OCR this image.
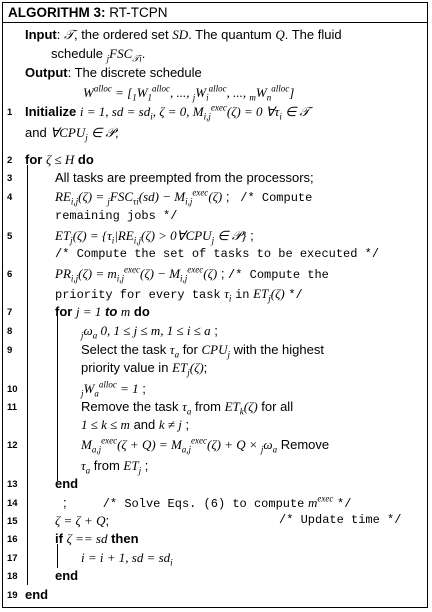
ALGORITHM 3: RT-TCPN
Input: 𝒯, the ordered set SD. The quantum Q. The fluid
schedule $_jFSC_{𝒯i}$.
Output: The discrete schedule
$W^{alloc} = [_1W_1^{alloc}$, ..., $_jW_i^{alloc}$, ..., $_mW_n^{alloc}$]
1 Initialize i = 1, sd = $sd_i$, ζ = 0, $M_{i,j}^{exec}(\zeta) = 0$ $\forall\tau_i$ ∈ 𝒯
and $\forall CPU_j$ ∈ 𝒫;
2 for ζ ≤ H do
3	All tasks are preempted from the processors;
4	$RE_{i,j}(\zeta) = _jFSC_{\tau i}(sd) - M_{i,j}^{exec}(\zeta)$ ;   /* Compute
remaining jobs */
5	$ET_j(\zeta) = \{\tau_i|RE_{i,j}(\zeta)$ > $0\forall CPU_j$ ∈ 𝒫} ;
/* Compute the set of tasks to be executed */
6	$PR_{i,j}(\zeta) = m_{i,j}^{exec}(\zeta) - M_{i,j}^{exec}(\zeta)$ ; /* Compute the
priority for every task $\tau_i$ in $ET_j(\zeta)$ */
7	for j = 1 to m do
8	$_j\omega_a$ 0, 1 ≤ j ≤ m, 1 ≤ i ≤ a ;
9	Select the task $\tau_a$ for $CPU_j$ with the highest
priority value in $ET_j(\zeta)$;
10	$_jW_a^{alloc} = 1$ ;
11	Remove the task $\tau_a$ from $ET_k(\zeta)$ for all
1 ≤ k ≤ m and k ≠ j ;
12	$M_{a,j}^{exec}(\zeta + Q) = M_{a,j}^{exec}(\zeta) + Q \times _j\omega_a$ Remove
$\tau_a$ from $ET_j$ ;
13	end
14	;          /* Solve Eqs. (6) to compute $m^{exec}$ */
15	ζ = ζ + Q;	/* Update time */
16	if ζ == sd then
17	i = i + 1, sd = $sd_i$
18	end
19 end
